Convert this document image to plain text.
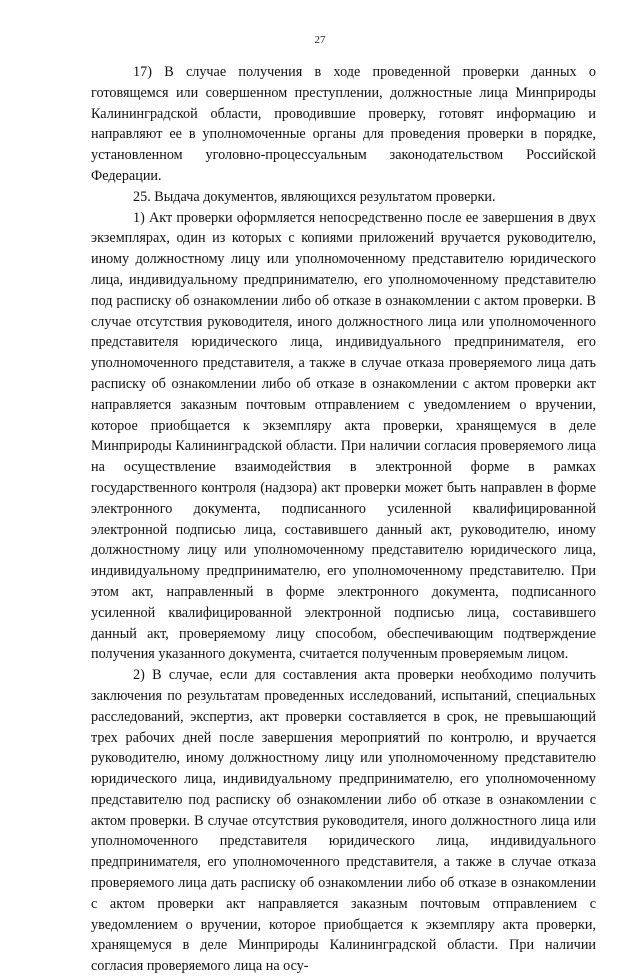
27

17) В случае получения в ходе проведенной проверки данных о готовящемся или совершенном преступлении, должностные лица Минприроды Калининградской области, проводившие проверку, готовят информацию и направляют ее в уполномоченные органы для проведения проверки в порядке, установленном уголовно-процессуальным законодательством Российской Федерации.

25. Выдача документов, являющихся результатом проверки.

1) Акт проверки оформляется непосредственно после ее завершения в двух экземплярах, один из которых с копиями приложений вручается руководителю, иному должностному лицу или уполномоченному представителю юридического лица, индивидуальному предпринимателю, его уполномоченному представителю под расписку об ознакомлении либо об отказе в ознакомлении с актом проверки. В случае отсутствия руководителя, иного должностного лица или уполномоченного представителя юридического лица, индивидуального предпринимателя, его уполномоченного представителя, а также в случае отказа проверяемого лица дать расписку об ознакомлении либо об отказе в ознакомлении с актом проверки акт направляется заказным почтовым отправлением с уведомлением о вручении, которое приобщается к экземпляру акта проверки, хранящемуся в деле Минприроды Калининградской области. При наличии согласия проверяемого лица на осуществление взаимодействия в электронной форме в рамках государственного контроля (надзора) акт проверки может быть направлен в форме электронного документа, подписанного усиленной квалифицированной электронной подписью лица, составившего данный акт, руководителю, иному должностному лицу или уполномоченному представителю юридического лица, индивидуальному предпринимателю, его уполномоченному представителю. При этом акт, направленный в форме электронного документа, подписанного усиленной квалифицированной электронной подписью лица, составившего данный акт, проверяемому лицу способом, обеспечивающим подтверждение получения указанного документа, считается полученным проверяемым лицом.

2) В случае, если для составления акта проверки необходимо получить заключения по результатам проведенных исследований, испытаний, специальных расследований, экспертиз, акт проверки составляется в срок, не превышающий трех рабочих дней после завершения мероприятий по контролю, и вручается руководителю, иному должностному лицу или уполномоченному представителю юридического лица, индивидуальному предпринимателю, его уполномоченному представителю под расписку об ознакомлении либо об отказе в ознакомлении с актом проверки. В случае отсутствия руководителя, иного должностного лица или уполномоченного представителя юридического лица, индивидуального предпринимателя, его уполномоченного представителя, а также в случае отказа проверяемого лица дать расписку об ознакомлении либо об отказе в ознакомлении с актом проверки акт направляется заказным почтовым отправлением с уведомлением о вручении, которое приобщается к экземпляру акта проверки, хранящемуся в деле Минприроды Калининградской области. При наличии согласия проверяемого лица на осу-
